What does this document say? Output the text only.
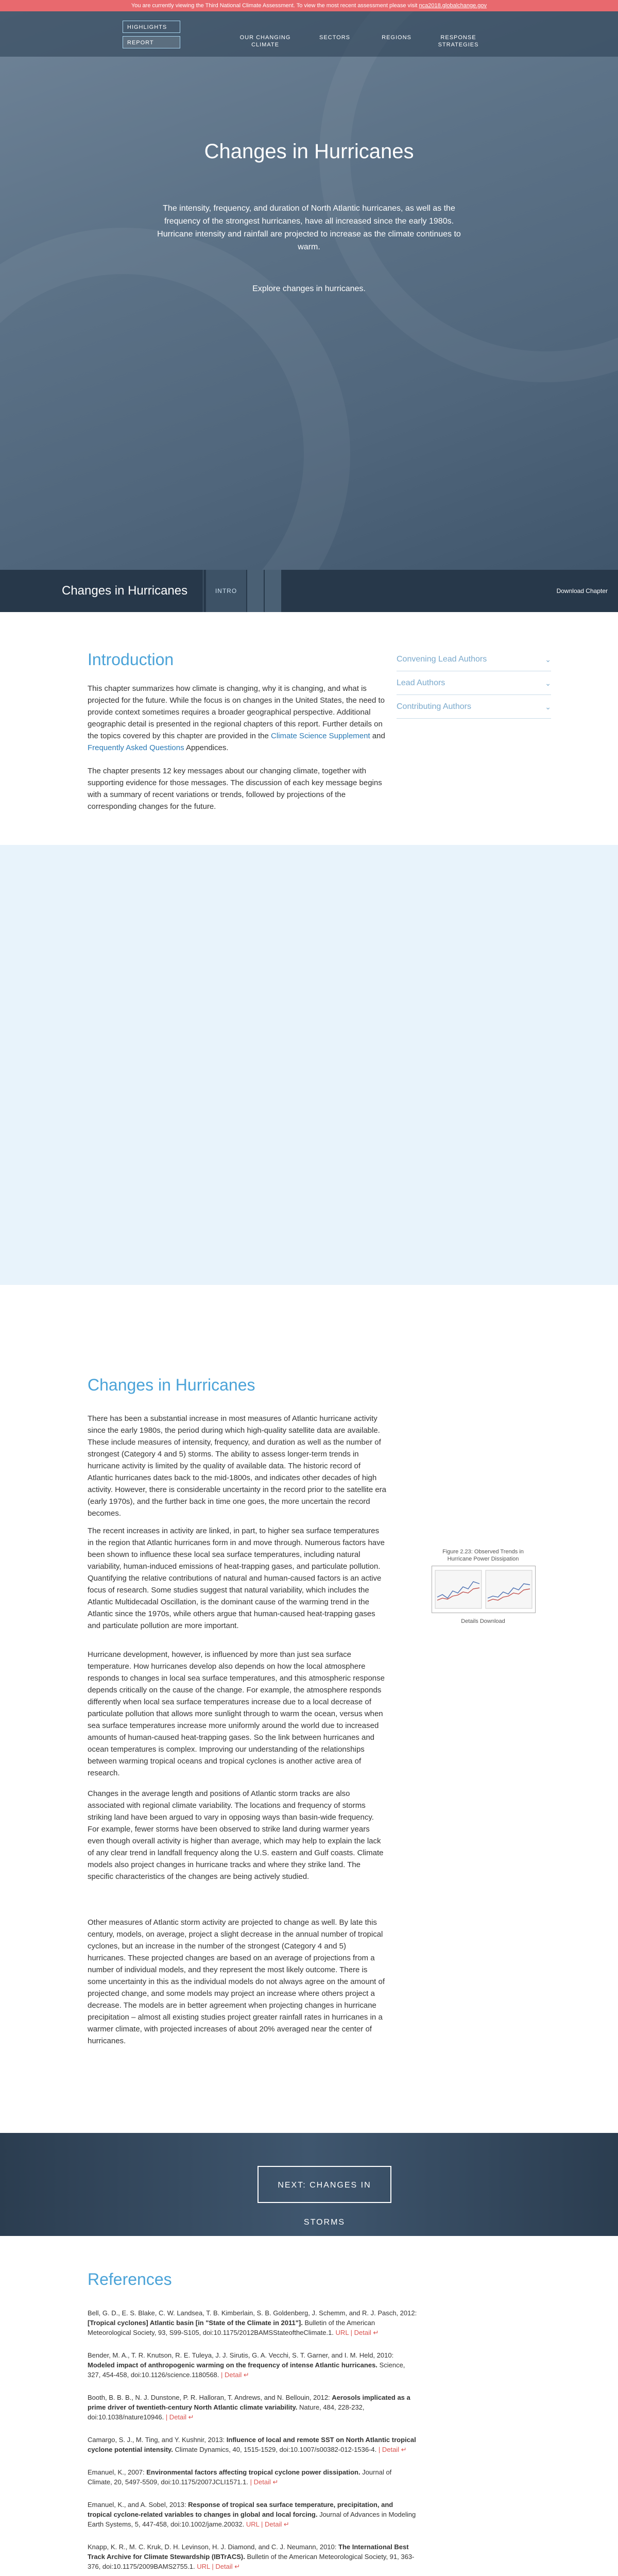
Changes in Hurricanes
The intensity, frequency, and duration of North Atlantic hurricanes, as well as the frequency of the strongest hurricanes, have all increased since the early 1980s. Hurricane intensity and rainfall are projected to increase as the climate continues to warm.
Explore changes in hurricanes.
You are currently viewing the Third National Climate Assessment. To view the most recent assessment please visit nca2018.globalchange.gov
HIGHLIGHTS
REPORT
OUR CHANGING
CLIMATE
SECTORS	REGIONS	RESPONSE
STRATEGIES
Changes in Hurricanes	INTRO	Download Chapter
Introduction

This chapter summarizes how climate is changing, why it is changing, and what is projected for the future. While the focus is on changes in the United States, the need to provide context sometimes requires a broader geographical perspective. Additional geographic detail is presented in the regional chapters of this report. Further details on the topics covered by this chapter are provided in the Climate Science Supplement and Frequently Asked Questions Appendices.

The chapter presents 12 key messages about our changing climate, together with supporting evidence for those messages. The discussion of each key message begins with a summary of recent variations or trends, followed by projections of the corresponding changes for the future.

Convening Lead Authors	⌄
Lead Authors	⌄
Contributing Authors	⌄
Changes in Hurricanes

There has been a substantial increase in most measures of Atlantic hurricane activity since the early 1980s, the period during which high-quality satellite data are available. These include measures of intensity, frequency, and duration as well as the number of strongest (Category 4 and 5) storms. The ability to assess longer-term trends in hurricane activity is limited by the quality of available data. The historic record of Atlantic hurricanes dates back to the mid-1800s, and indicates other decades of high activity. However, there is considerable uncertainty in the record prior to the satellite era (early 1970s), and the further back in time one goes, the more uncertain the record becomes.

The recent increases in activity are linked, in part, to higher sea surface temperatures in the region that Atlantic hurricanes form in and move through. Numerous factors have been shown to influence these local sea surface temperatures, including natural variability, human-induced emissions of heat-trapping gases, and particulate pollution. Quantifying the relative contributions of natural and human-caused factors is an active focus of research. Some studies suggest that natural variability, which includes the Atlantic Multidecadal Oscillation, is the dominant cause of the warming trend in the Atlantic since the 1970s, while others argue that human-caused heat-trapping gases and particulate pollution are more important.

Hurricane development, however, is influenced by more than just sea surface temperature. How hurricanes develop also depends on how the local atmosphere responds to changes in local sea surface temperatures, and this atmospheric response depends critically on the cause of the change. For example, the atmosphere responds differently when local sea surface temperatures increase due to a local decrease of particulate pollution that allows more sunlight through to warm the ocean, versus when sea surface temperatures increase more uniformly around the world due to increased amounts of human-caused heat-trapping gases. So the link between hurricanes and ocean temperatures is complex. Improving our understanding of the relationships between warming tropical oceans and tropical cyclones is another active area of research.

Changes in the average length and positions of Atlantic storm tracks are also associated with regional climate variability. The locations and frequency of storms striking land have been argued to vary in opposing ways than basin-wide frequency. For example, fewer storms have been observed to strike land during warmer years even though overall activity is higher than average, which may help to explain the lack of any clear trend in landfall frequency along the U.S. eastern and Gulf coasts. Climate models also project changes in hurricane tracks and where they strike land. The specific characteristics of the changes are being actively studied.

Other measures of Atlantic storm activity are projected to change as well. By late this century, models, on average, project a slight decrease in the annual number of tropical cyclones, but an increase in the number of the strongest (Category 4 and 5) hurricanes. These projected changes are based on an average of projections from a number of individual models, and they represent the most likely outcome. There is some uncertainty in this as the individual models do not always agree on the amount of projected change, and some models may project an increase where others project a decrease. The models are in better agreement when projecting changes in hurricane precipitation – almost all existing studies project greater rainfall rates in hurricanes in a warmer climate, with projected increases of about 20% averaged near the center of hurricanes.

Figure 2.23: Observed Trends in Hurricane Power Dissipation
Details Download
NEXT: CHANGES IN STORMS
References

Bell, G. D., E. S. Blake, C. W. Landsea, T. B. Kimberlain, S. B. Goldenberg, J. Schemm, and R. J. Pasch, 2012: [Tropical cyclones] Atlantic basin [in "State of the Climate in 2011"]. Bulletin of the American Meteorological Society, 93, S99-S105, doi:10.1175/2012BAMSStateoftheClimate.1. URL | Detail ↵

Bender, M. A., T. R. Knutson, R. E. Tuleya, J. J. Sirutis, G. A. Vecchi, S. T. Garner, and I. M. Held, 2010: Modeled impact of anthropogenic warming on the frequency of intense Atlantic hurricanes. Science, 327, 454-458, doi:10.1126/science.1180568. | Detail ↵

Booth, B. B. B., N. J. Dunstone, P. R. Halloran, T. Andrews, and N. Bellouin, 2012: Aerosols implicated as a prime driver of twentieth-century North Atlantic climate variability. Nature, 484, 228-232, doi:10.1038/nature10946. | Detail ↵

Camargo, S. J., M. Ting, and Y. Kushnir, 2013: Influence of local and remote SST on North Atlantic tropical cyclone potential intensity. Climate Dynamics, 40, 1515-1529, doi:10.1007/s00382-012-1536-4. | Detail ↵

Emanuel, K., 2007: Environmental factors affecting tropical cyclone power dissipation. Journal of Climate, 20, 5497-5509, doi:10.1175/2007JCLI1571.1. | Detail ↵

Emanuel, K., and A. Sobel, 2013: Response of tropical sea surface temperature, precipitation, and tropical cyclone-related variables to changes in global and local forcing. Journal of Advances in Modeling Earth Systems, 5, 447-458, doi:10.1002/jame.20032. URL | Detail ↵

Knapp, K. R., M. C. Kruk, D. H. Levinson, H. J. Diamond, and C. J. Neumann, 2010: The International Best Track Archive for Climate Stewardship (IBTrACS). Bulletin of the American Meteorological Society, 91, 363-376, doi:10.1175/2009BAMS2755.1. URL | Detail ↵
